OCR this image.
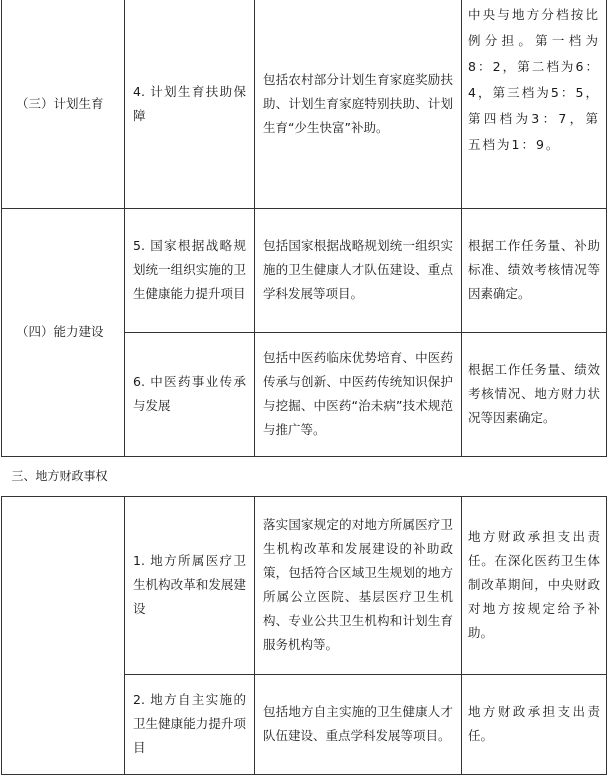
（三）计划生育	4. 计划生育扶助保障	包括农村部分计划生育家庭奖励扶助、计划生育家庭特别扶助、计划生育“少生快富”补助。	中央与地方分档按比例分担。第一档为8：2，第二档为6：4，第三档为5：5，第四档为3：7，第五档为1：9。
（四）能力建设	5. 国家根据战略规划统一组织实施的卫生健康能力提升项目	包括国家根据战略规划统一组织实施的卫生健康人才队伍建设、重点学科发展等项目。	根据工作任务量、补助标准、绩效考核情况等因素确定。
	6. 中医药事业传承与发展	包括中医药临床优势培育、中医药传承与创新、中医药传统知识保护与挖掘、中医药“治未病”技术规范与推广等。	根据工作任务量、绩效考核情况、地方财力状况等因素确定。
三、地方财政事权			
	1. 地方所属医疗卫生机构改革和发展建设	落实国家规定的对地方所属医疗卫生机构改革和发展建设的补助政策，包括符合区域卫生规划的地方所属公立医院、基层医疗卫生机构、专业公共卫生机构和计划生育服务机构等。	地方财政承担支出责任。在深化医药卫生体制改革期间，中央财政对地方按规定给予补助。
	2. 地方自主实施的卫生健康能力提升项目	包括地方自主实施的卫生健康人才队伍建设、重点学科发展等项目。	地方财政承担支出责任。
